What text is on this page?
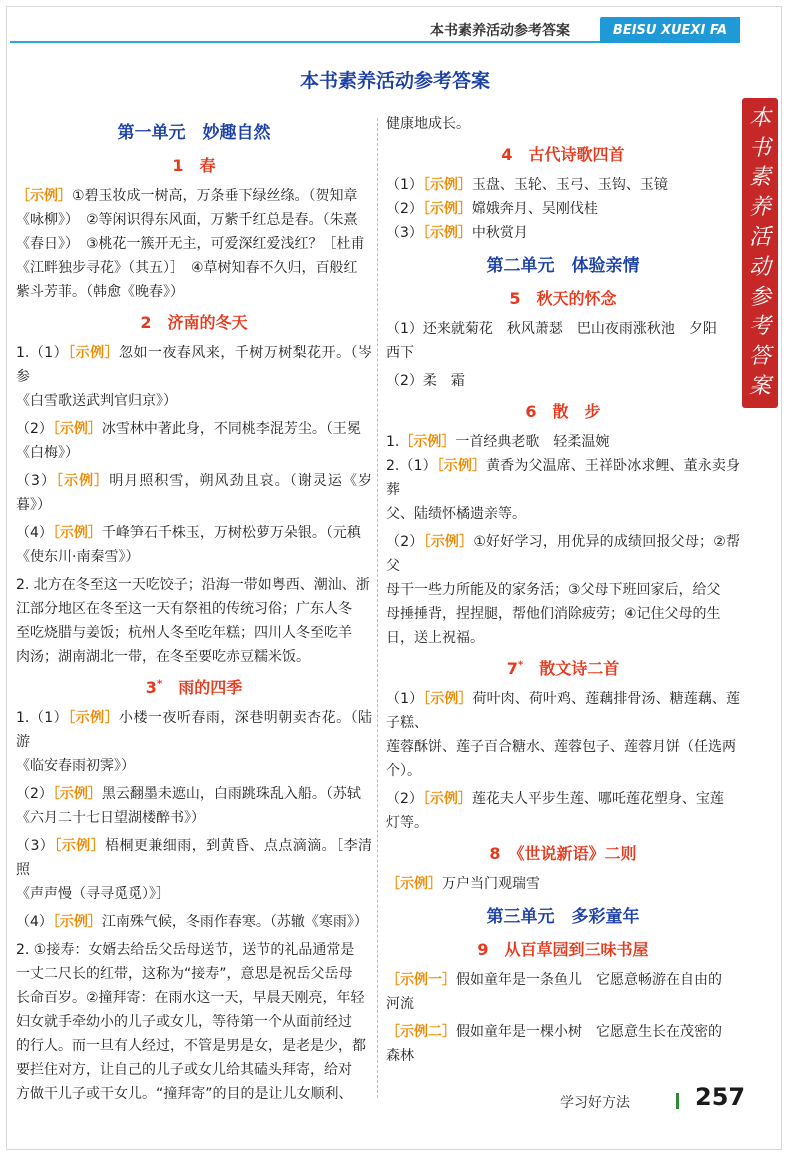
本书素养活动参考答案	BEISU XUEXI FA
本书素养活动参考答案
本
书
素
养
活
动
参
考
答
案
第一单元　妙趣自然
1　春

［示例］①碧玉妆成一树高，万条垂下绿丝绦。（贺知章

《咏柳》）　②等闲识得东风面，万紫千红总是春。（朱熹

《春日》）　③桃花一簇开无主，可爱深红爱浅红？［杜甫

《江畔独步寻花》（其五）］　④草树知春不久归，百般红

紫斗芳菲。（韩愈《晚春》）

2　济南的冬天

1.（1）［示例］忽如一夜春风来，千树万树梨花开。（岑参

《白雪歌送武判官归京》）

（2）［示例］冰雪林中著此身，不同桃李混芳尘。（王冕

《白梅》）

（3）［示例］明月照积雪，朔风劲且哀。（谢灵运《岁暮》）

（4）［示例］千峰笋石千株玉，万树松萝万朵银。（元稹

《使东川·南秦雪》）

2. 北方在冬至这一天吃饺子；沿海一带如粤西、潮汕、浙

江部分地区在冬至这一天有祭祖的传统习俗；广东人冬

至吃烧腊与姜饭；杭州人冬至吃年糕；四川人冬至吃羊

肉汤；湖南湖北一带，在冬至要吃赤豆糯米饭。

3*　 雨的四季

1.（1）［示例］小楼一夜听春雨，深巷明朝卖杏花。（陆游

《临安春雨初霁》）

（2）［示例］黑云翻墨未遮山，白雨跳珠乱入船。（苏轼

《六月二十七日望湖楼醉书》）

（3）［示例］梧桐更兼细雨，到黄昏、点点滴滴。［李清照

《声声慢（寻寻觅觅）》］

（4）［示例］江南殊气候，冬雨作春寒。（苏辙《寒雨》）

2. ①接寿：女婿去给岳父岳母送节，送节的礼品通常是

一丈二尺长的红带，这称为“接寿”，意思是祝岳父岳母

长命百岁。②撞拜寄：在雨水这一天，早晨天刚亮，年轻

妇女就手牵幼小的儿子或女儿，等待第一个从面前经过

的行人。而一旦有人经过，不管是男是女，是老是少，都

要拦住对方，让自己的儿子或女儿给其磕头拜寄，给对

方做干儿子或干女儿。“撞拜寄”的目的是让儿女顺利、

健康地成长。

4　古代诗歌四首

（1）［示例］玉盘、玉轮、玉弓、玉钩、玉镜

（2）［示例］嫦娥奔月、吴刚伐桂

（3）［示例］中秋赏月

第二单元　体验亲情
5　秋天的怀念

（1）还来就菊花　秋风萧瑟　巴山夜雨涨秋池　夕阳

西下

（2）柔　霜

6　散　步

1.［示例］一首经典老歌　轻柔温婉

2.（1）［示例］黄香为父温席、王祥卧冰求鲤、董永卖身葬

父、陆绩怀橘遗亲等。

（2）［示例］①好好学习，用优异的成绩回报父母；②帮父

母干一些力所能及的家务活；③父母下班回家后，给父

母捶捶背，捏捏腿，帮他们消除疲劳；④记住父母的生

日，送上祝福。

7*　 散文诗二首

（1）［示例］荷叶肉、荷叶鸡、莲藕排骨汤、糖莲藕、莲子糕、

莲蓉酥饼、莲子百合糖水、莲蓉包子、莲蓉月饼（任选两

个）。

（2）［示例］莲花夫人平步生莲、哪吒莲花塑身、宝莲

灯等。

8　《世说新语》二则

［示例］万户当门观瑞雪

第三单元　多彩童年
9　从百草园到三味书屋

［示例一］假如童年是一条鱼儿　它愿意畅游在自由的

河流

［示例二］假如童年是一棵小树　它愿意生长在茂密的

森林

学习好方法	257
